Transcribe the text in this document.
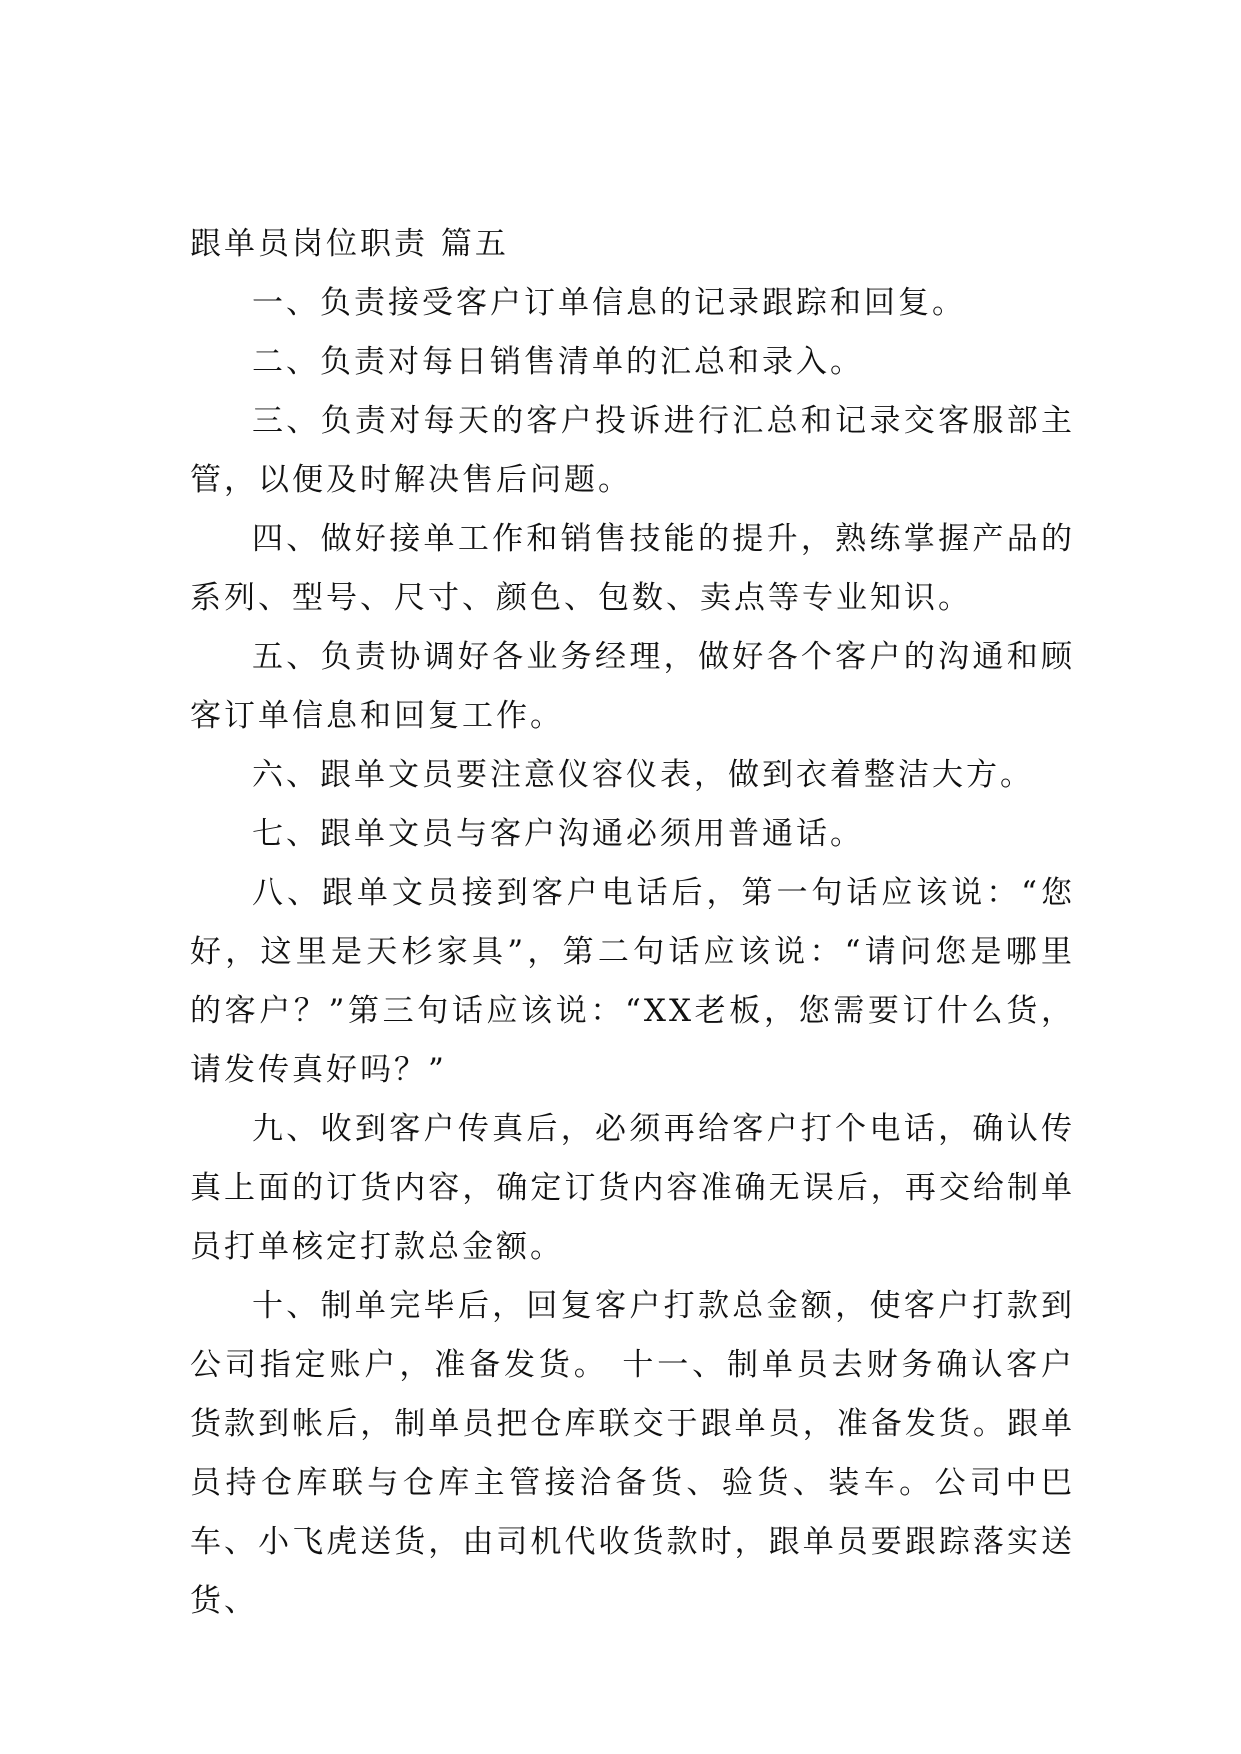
跟单员岗位职责 篇五

一、负责接受客户订单信息的记录跟踪和回复。

二、负责对每日销售清单的汇总和录入。

三、负责对每天的客户投诉进行汇总和记录交客服部主管，以便及时解决售后问题。

四、做好接单工作和销售技能的提升，熟练掌握产品的系列、型号、尺寸、颜色、包数、卖点等专业知识。

五、负责协调好各业务经理，做好各个客户的沟通和顾客订单信息和回复工作。

六、跟单文员要注意仪容仪表，做到衣着整洁大方。

七、跟单文员与客户沟通必须用普通话。

八、跟单文员接到客户电话后，第一句话应该说：“您好，这里是天杉家具”，第二句话应该说：“请问您是哪里的客户？”第三句话应该说：“XX老板，您需要订什么货，请发传真好吗？”

九、收到客户传真后，必须再给客户打个电话，确认传真上面的订货内容，确定订货内容准确无误后，再交给制单员打单核定打款总金额。

十、制单完毕后，回复客户打款总金额，使客户打款到公司指定账户，准备发货。 十一、制单员去财务确认客户货款到帐后，制单员把仓库联交于跟单员，准备发货。跟单员持仓库联与仓库主管接洽备货、验货、装车。公司中巴车、小飞虎送货，由司机代收货款时，跟单员要跟踪落实送货、
